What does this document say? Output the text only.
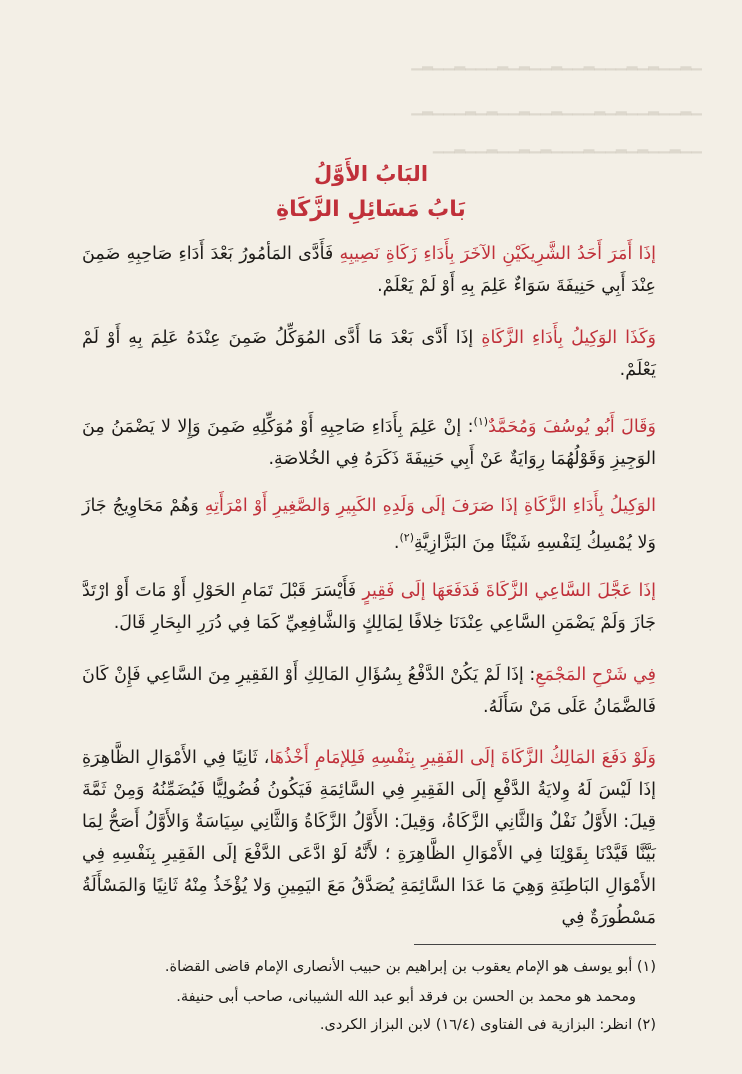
▁▂▁▁▂▁▂▁▁▁▂▁▁▂▁▁▂▁▂▁▁▁▂▁▁▂▁
▁▂▁▁▂▁▁▂▁▂▁▁▁▂▁▁▂▁▁▂▁▂▁▁▁▂▁
▁▁▂▁▁▂▁▂▁▁▂▁▁▁▂▁▂▁▁▂▁▁▂▁▁
البَابُ الأَوَّلُ
بَابُ مَسَائِلِ الزَّكَاةِ
إذَا أَمَرَ أَحَدُ الشَّرِيكَيْنِ الآخَرَ بِأَدَاءِ زَكَاةِ نَصِيبِهِ فَأَدَّى المَأمُورُ بَعْدَ أَدَاءِ صَاحِبِهِ ضَمِنَ عِنْدَ أَبِي حَنِيفَةَ سَوَاءٌ عَلِمَ بِهِ أَوْ لَمْ يَعْلَمْ.
وَكَذَا الوَكِيلُ بِأَدَاءِ الزَّكَاةِ إذَا أَدَّى بَعْدَ مَا أَدَّى المُوَكِّلُ ضَمِنَ عِنْدَهُ عَلِمَ بِهِ أَوْ لَمْ يَعْلَمْ.
وَقَالَ أَبُو يُوسُفَ وَمُحَمَّدٌ$^{(١)}$: إنْ عَلِمَ بِأَدَاءِ صَاحِبِهِ أَوْ مُوَكِّلِهِ ضَمِنَ وَإِلا لا يَضْمَنُ مِنَ الوَجِيزِ وَقَوْلُهُمَا رِوَايَةٌ عَنْ أَبِي حَنِيفَةَ ذَكَرَهُ فِي الخُلاصَةِ.
الوَكِيلُ بِأَدَاءِ الزَّكَاةِ إذَا صَرَفَ إلَى وَلَدِهِ الكَبِيرِ وَالصَّغِيرِ أَوْ امْرَأَتِهِ وَهُمْ مَحَاوِيجُ جَازَ وَلا يُمْسِكُ لِنَفْسِهِ شَيْئًا مِنَ البَزَّازِيَّةِ$^{(٢)}$.
إذَا عَجَّلَ السَّاعِي الزَّكَاةَ فَدَفَعَهَا إلَى فَقِيرٍ فَأَيْسَرَ قَبْلَ تَمَامِ الحَوْلِ أَوْ مَاتَ أَوْ ارْتَدَّ جَازَ وَلَمْ يَضْمَنِ السَّاعِي عِنْدَنَا خِلافًا لِمَالِكٍ وَالشَّافِعِيِّ كَمَا فِي دُرَرِ البِحَارِ قَالَ.
فِي شَرْحِ المَجْمَعِ: إذَا لَمْ يَكُنْ الدَّفْعُ بِسُؤَالِ المَالِكِ أَوْ الفَقِيرِ مِنَ السَّاعِي فَإِنْ كَانَ فَالضَّمَانُ عَلَى مَنْ سَأَلَهُ.
وَلَوْ دَفَعَ المَالِكُ الزَّكَاةَ إلَى الفَقِيرِ بِنَفْسِهِ فَلِلإمَامِ أَخْذُهَا، ثَانِيًا فِي الأَمْوَالِ الظَّاهِرَةِ إذَا لَيْسَ لَهُ وِلايَةُ الدَّفْعِ إلَى الفَقِيرِ فِي السَّائِمَةِ فَيَكُونُ فُضُولِيًّا فَيُضَمِّنُهُ وَمِنْ ثَمَّةَ قِيلَ: الأَوَّلُ نَفْلٌ وَالثَّانِي الزَّكَاةُ، وَقِيلَ: الأَوَّلُ الزَّكَاةُ وَالثَّانِي سِيَاسَةٌ وَالأَوَّلُ أَصَحُّ لِمَا بَيَّنَّا قَيَّدْنَا بِقَوْلِنَا فِي الأَمْوَالِ الظَّاهِرَةِ ؛ لأَنَّهُ لَوْ ادَّعَى الدَّفْعَ إلَى الفَقِيرِ بِنَفْسِهِ فِي الأَمْوَالِ البَاطِنَةِ وَهِيَ مَا عَدَا السَّائِمَةِ يُصَدَّقُ مَعَ اليَمِينِ وَلا يُؤْخَذُ مِنْهُ ثَانِيًا وَالمَسْأَلَةُ مَسْطُورَةٌ فِي
(١) أبو يوسف هو الإمام يعقوب بن إبراهيم بن حبيب الأنصارى الإمام قاضى القضاة.
ومحمد هو محمد بن الحسن بن فرقد أبو عبد الله الشيبانى، صاحب أبى حنيفة.
(٢) انظر: البزازية فى الفتاوى (١٦/٤) لابن البزاز الكردى.
